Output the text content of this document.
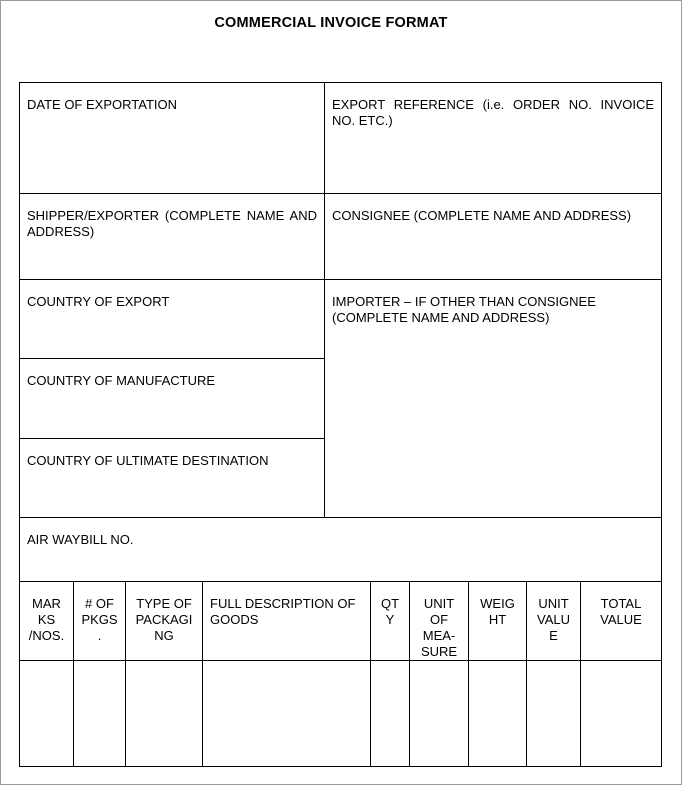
COMMERCIAL INVOICE FORMAT
DATE OF EXPORTATION	EXPORT REFERENCE (i.e. ORDER NO. INVOICE NO. ETC.)
SHIPPER/EXPORTER (COMPLETE NAME AND ADDRESS)
CONSIGNEE (COMPLETE NAME AND ADDRESS)
COUNTRY OF EXPORT
COUNTRY OF MANUFACTURE
COUNTRY OF ULTIMATE DESTINATION
IMPORTER – IF OTHER THAN CONSIGNEE (COMPLETE NAME AND ADDRESS)
AIR WAYBILL NO.
MAR
KS
/NOS.
# OF
PKGS
.
TYPE OF
PACKAGI
NG
FULL DESCRIPTION OF
GOODS
QT
Y
UNIT
OF
MEA-
SURE
WEIG
HT
UNIT
VALU
E
TOTAL
VALUE
